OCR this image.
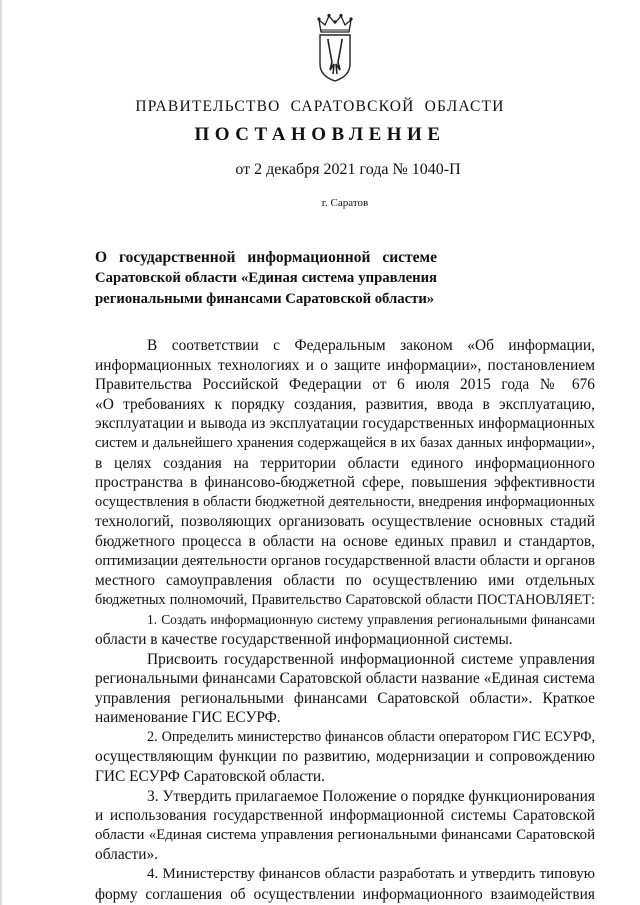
ПРАВИТЕЛЬСТВО САРАТОВСКОЙ ОБЛАСТИ
ПОСТАНОВЛЕНИЕ
от 2 декабря 2021 года № 1040-П
г. Саратов
О государственной информационной системе
Саратовской области «Единая система управления
региональными финансами Саратовской области»
В соответствии с Федеральным законом «Об информации,
информационных технологиях и о защите информации», постановлением
Правительства Российской Федерации от 6 июля 2015 года № 676
«О требованиях к порядку создания, развития, ввода в эксплуатацию,
эксплуатации и вывода из эксплуатации государственных информационных
систем и дальнейшего хранения содержащейся в их базах данных информации»,
в целях создания на территории области единого информационного
пространства в финансово-бюджетной сфере, повышения эффективности
осуществления в области бюджетной деятельности, внедрения информационных
технологий, позволяющих организовать осуществление основных стадий
бюджетного процесса в области на основе единых правил и стандартов,
оптимизации деятельности органов государственной власти области и органов
местного самоуправления области по осуществлению ими отдельных
бюджетных полномочий, Правительство Саратовской области ПОСТАНОВЛЯЕТ:
1. Создать информационную систему управления региональными финансами
области в качестве государственной информационной системы.
Присвоить государственной информационной системе управления
региональными финансами Саратовской области название «Единая система
управления региональными финансами Саратовской области». Краткое
наименование ГИС ЕСУРФ.
2. Определить министерство финансов области оператором ГИС ЕСУРФ,
осуществляющим функции по развитию, модернизации и сопровождению
ГИС ЕСУРФ Саратовской области.
3. Утвердить прилагаемое Положение о порядке функционирования
и использования государственной информационной системы Саратовской
области «Единая система управления региональными финансами Саратовской
области».
4. Министерству финансов области разработать и утвердить типовую
форму соглашения об осуществлении информационного взаимодействия
